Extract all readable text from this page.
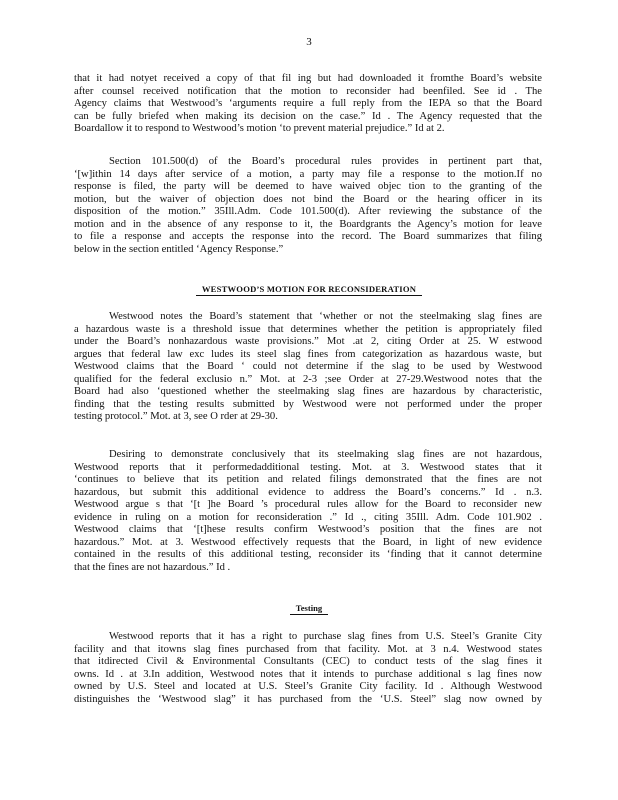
3
that it had notyet received a copy of that fil ing but had downloaded it fromthe Board’s website
after counsel received notification that the motion to reconsider had beenfiled. See id . The
Agency claims that Westwood’s ‘arguments require a full reply from the IEPA so that the Board
can be fully briefed when making its decision on the case.” Id . The Agency requested that the
Boardallow it to respond to Westwood’s motion ‘to prevent material prejudice.” Id at 2.
Section 101.500(d) of the Board’s procedural rules provides in pertinent part that,
‘[w]ithin 14 days after service of a motion, a party may file a response to the motion.If no
response is filed, the party will be deemed to have waived objec tion to the granting of the
motion, but the waiver of objection does not bind the Board or the hearing officer in its
disposition of the motion.” 35Ill.Adm. Code 101.500(d). After reviewing the substance of the
motion and in the absence of any response to it, the Boardgrants the Agency’s motion for leave
to file a response and accepts the response into the record. The Board summarizes that filing
below in the section entitled ‘Agency Response.”
WESTWOOD’S MOTION FOR RECONSIDERATION
Westwood notes the Board’s statement that ‘whether or not the steelmaking slag fines are
a hazardous waste is a threshold issue that determines whether the petition is appropriately filed
under the Board’s nonhazardous waste provisions.” Mot .at 2, citing Order at 25. W estwood
argues that federal law exc ludes its steel slag fines from categorization as hazardous waste, but
Westwood claims that the Board ‘ could not determine if the slag to be used by Westwood
qualified for the federal exclusio n.” Mot. at 2-3 ;see Order at 27-29.Westwood notes that the
Board had also ‘questioned whether the steelmaking slag fines are hazardous by characteristic,
finding that the testing results submitted by Westwood were not performed under the proper
testing protocol.” Mot. at 3, see O rder at 29-30.
Desiring to demonstrate conclusively that its steelmaking slag fines are not hazardous,
Westwood reports that it performedadditional testing. Mot. at 3. Westwood states that it
‘continues to believe that its petition and related filings demonstrated that the fines are not
hazardous, but submit this additional evidence to address the Board’s concerns.” Id . n.3.
Westwood argue s that ‘[t ]he Board ’s procedural rules allow for the Board to reconsider new
evidence in ruling on a motion for reconsideration .” Id ., citing 35Ill. Adm. Code 101.902 .
Westwood claims that ‘[t]hese results confirm Westwood’s position that the fines are not
hazardous.” Mot. at 3. Westwood effectively requests that the Board, in light of new evidence
contained in the results of this additional testing, reconsider its ‘finding that it cannot determine
that the fines are not hazardous.” Id .
Testing
Westwood reports that it has a right to purchase slag fines from U.S. Steel’s Granite City
facility and that itowns slag fines purchased from that facility. Mot. at 3 n.4. Westwood states
that itdirected Civil & Environmental Consultants (CEC) to conduct tests of the slag fines it
owns. Id . at 3.In addition, Westwood notes that it intends to purchase additional s lag fines now
owned by U.S. Steel and located at U.S. Steel’s Granite City facility. Id . Although Westwood
distinguishes the ‘Westwood slag” it has purchased from the ‘U.S. Steel” slag now owned by
